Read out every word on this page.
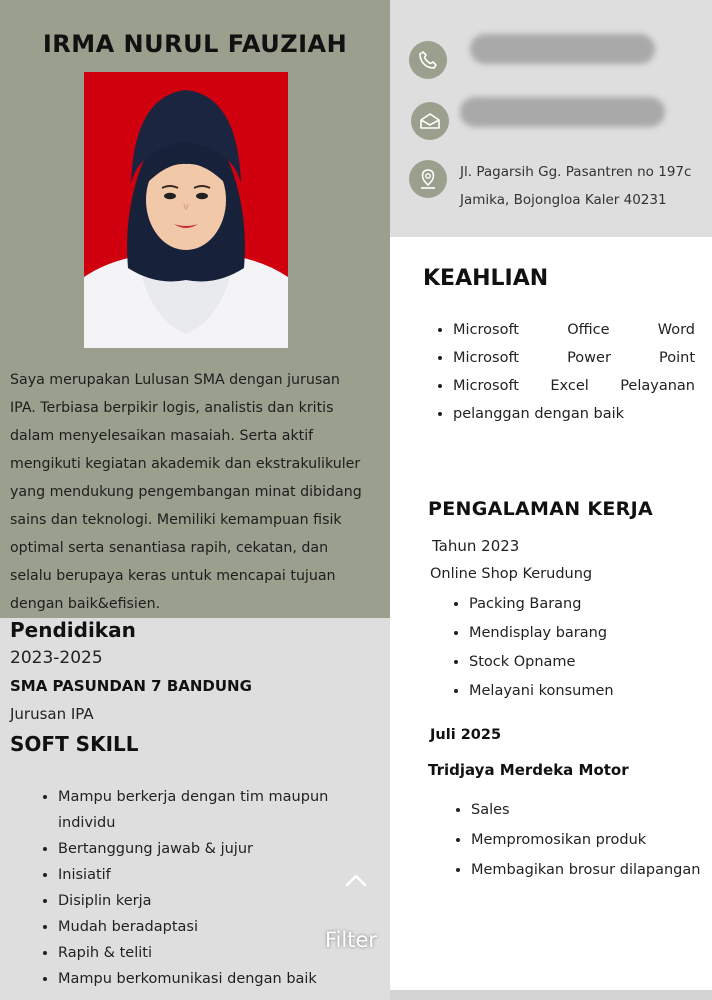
IRMA NURUL FAUZIAH

Saya merupakan Lulusan SMA dengan jurusan IPA. Terbiasa berpikir logis, analistis dan kritis dalam menyelesaikan masaiah. Serta aktif mengikuti kegiatan akademik dan ekstrakulikuler yang mendukung pengembangan minat dibidang sains dan teknologi. Memiliki kemampuan fisik optimal serta senantiasa rapih, cekatan, dan selalu berupaya keras untuk mencapai tujuan dengan baik&efisien.

Pendidikan

2023-2025

SMA PASUNDAN 7 BANDUNG

Jurusan IPA

SOFT SKILL
• Mampu berkerja dengan tim maupun individu
• Bertanggung jawab & jujur
• Inisiatif
• Disiplin kerja
• Mudah beradaptasi
• Rapih & teliti
• Mampu berkomunikasi dengan baik

Jl. Pagarsih Gg. Pasantren no 197c
Jamika, Bojongloa Kaler 40231

KEAHLIAN
• Microsoft Office Word
• Microsoft Power Point
• Microsoft Excel Pelayanan
• pelanggan dengan baik
PENGALAMAN KERJA

Tahun 2023

Online Shop Kerudung

• Packing Barang
• Mendisplay barang
• Stock Opname
• Melayani konsumen

Juli 2025

Tridjaya Merdeka Motor

• Sales
• Mempromosikan produk
• Membagikan brosur dilapangan

Filter
